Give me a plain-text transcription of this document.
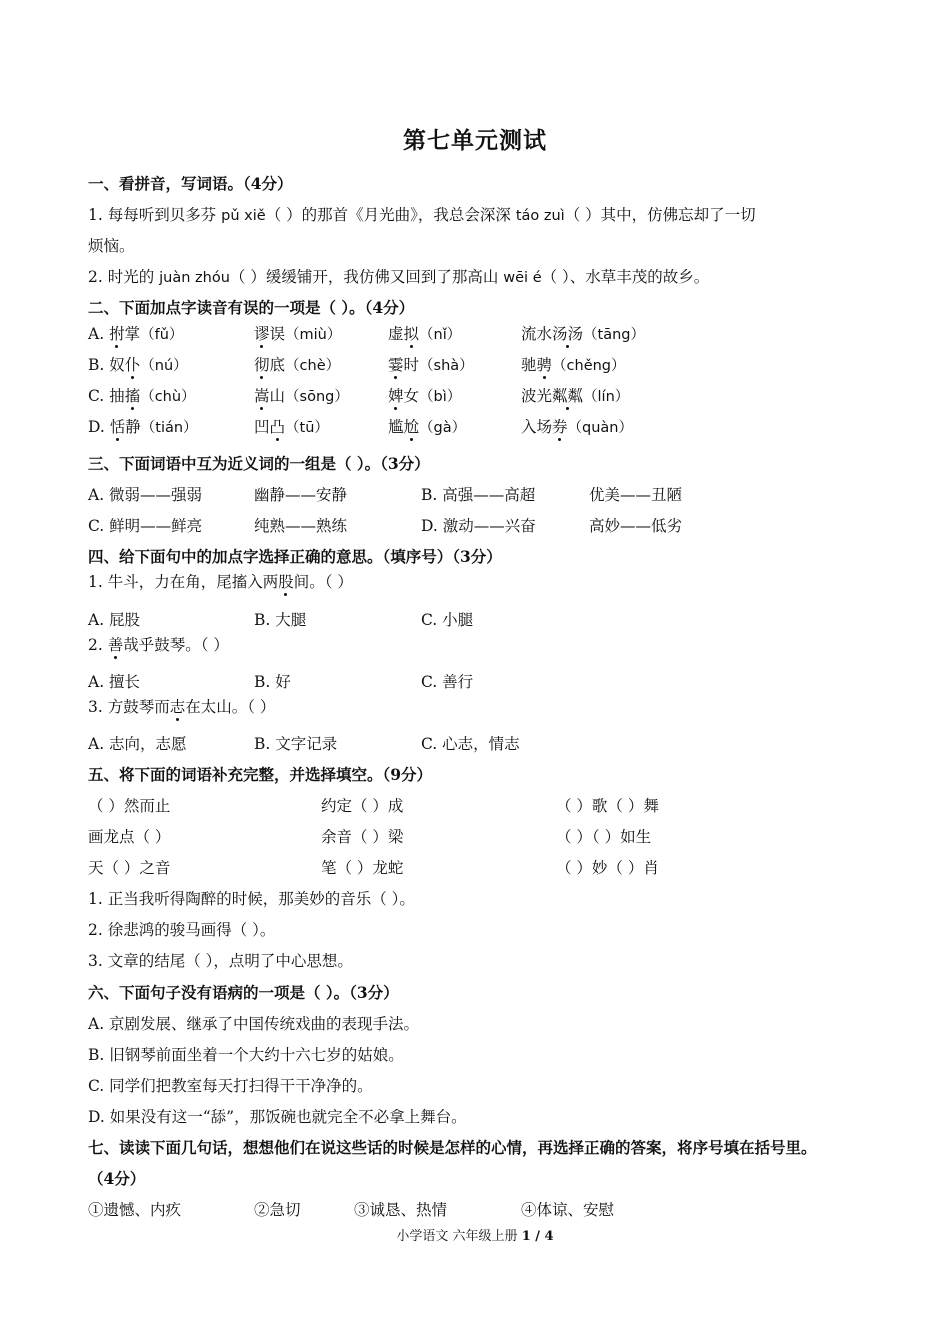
第七单元测试
一、看拼音，写词语。（4分）
1. 每每听到贝多芬 pǔ xiě（ ）的那首《月光曲》，我总会深深 táo zuì（ ）其中，仿佛忘却了一切
烦恼。
2. 时光的 juàn zhóu（ ）缓缓铺开，我仿佛又回到了那高山 wēi é（ ）、水草丰茂的故乡。
二、下面加点字读音有误的一项是（ ）。（4分）
A. 拊掌（fǔ）	谬误（miù）	虚拟（nǐ）	流水汤汤（tāng）
B. 奴仆（nú）	彻底（chè）	霎时（shà）	驰骋（chěng）
C. 抽搐（chù）	嵩山（sōng）	婢女（bì）	波光粼粼（lín）
D. 恬静（tián）	凹凸（tū）	尴尬（gà）	入场券（quàn）
三、下面词语中互为近义词的一组是（ ）。（3分）
A. 微弱——强弱	幽静——安静	B. 高强——高超	优美——丑陋
C. 鲜明——鲜亮	纯熟——熟练	D. 激动——兴奋	高妙——低劣
四、给下面句中的加点字选择正确的意思。（填序号）（3分）
1. 牛斗，力在角，尾搐入两股间。（ ）
A. 屁股	B. 大腿	C. 小腿
2. 善哉乎鼓琴。（ ）
A. 擅长	B. 好	C. 善行
3. 方鼓琴而志在太山。（ ）
A. 志向，志愿	B. 文字记录	C. 心志，情志
五、将下面的词语补充完整，并选择填空。（9分）
（ ）然而止	约定（ ）成	（ ）歌（ ）舞
画龙点（ ）	余音（ ）梁	（ ）（ ）如生
天（ ）之音	笔（ ）龙蛇	（ ）妙（ ）肖
1. 正当我听得陶醉的时候，那美妙的音乐（ ）。
2. 徐悲鸿的骏马画得（ ）。
3. 文章的结尾（ ），点明了中心思想。
六、下面句子没有语病的一项是（ ）。（3分）
A. 京剧发展、继承了中国传统戏曲的表现手法。
B. 旧钢琴前面坐着一个大约十六七岁的姑娘。
C. 同学们把教室每天打扫得干干净净的。
D. 如果没有这一“舔”，那饭碗也就完全不必拿上舞台。
七、读读下面几句话，想想他们在说这些话的时候是怎样的心情，再选择正确的答案，将序号填在括号里。
（4分）
①遗憾、内疚	②急切	③诚恳、热情	④体谅、安慰
小学语文 六年级上册 1 / 4
